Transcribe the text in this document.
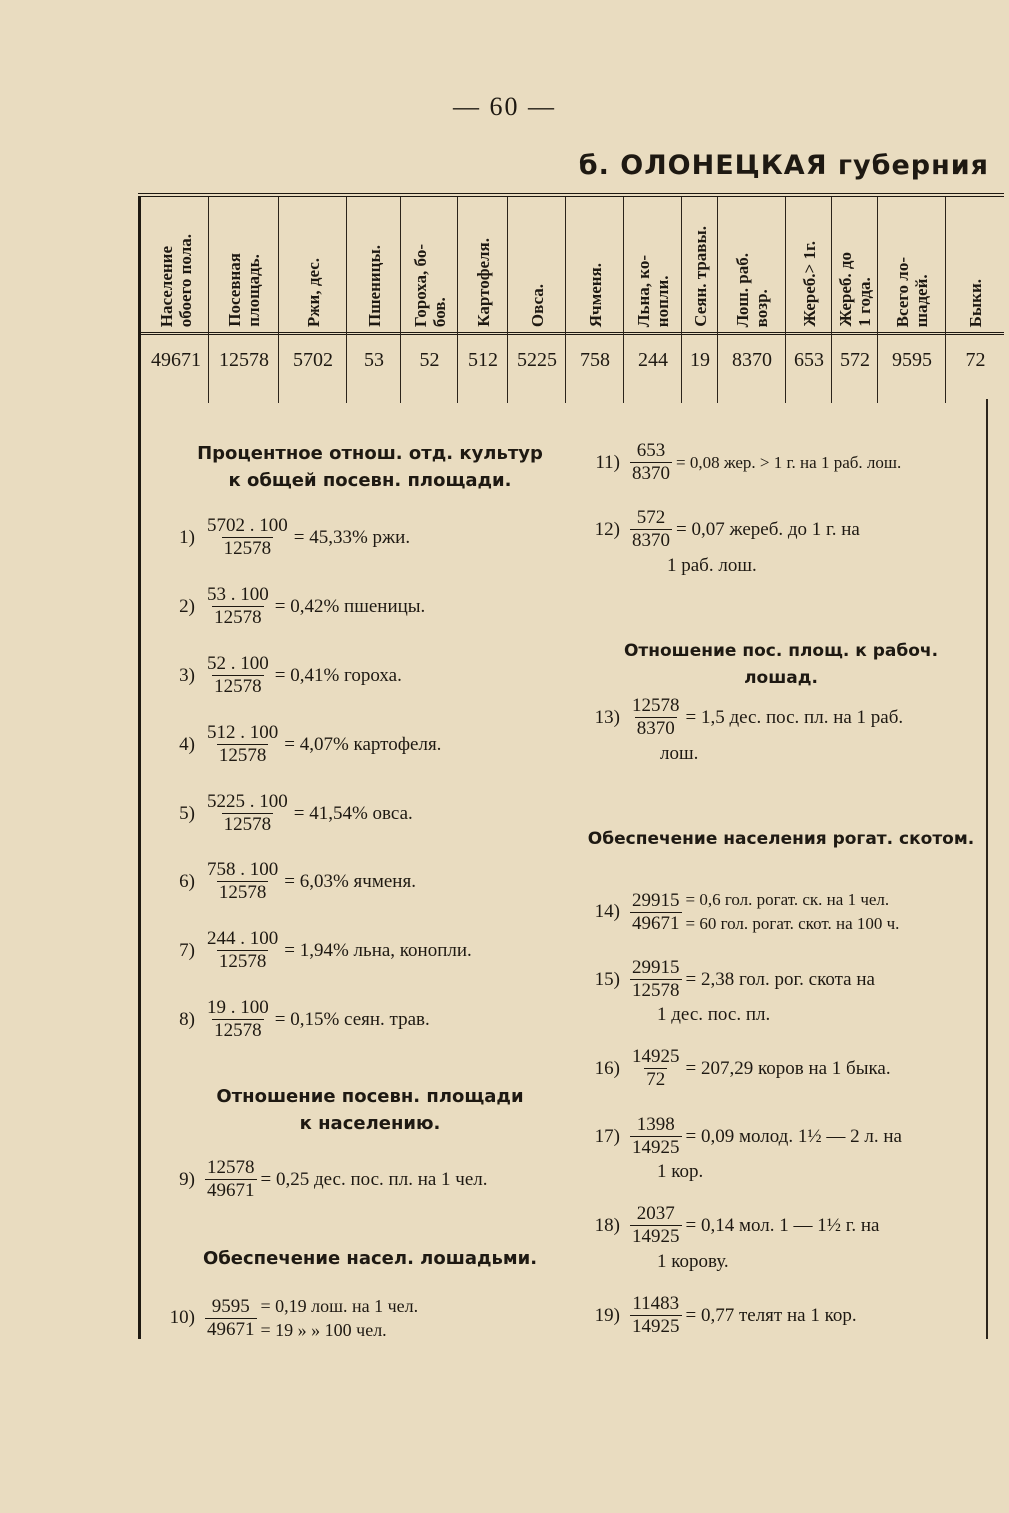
— 60 —
б. ОЛОНЕЦКАЯ губерния
Население
обоего пола.
49671
Посевная
площадь.
12578
Ржи, дес.
5702
Пшеницы.
53
Гороха, бо-
бов.
52
Картофеля.
512
Овса.
5225
Ячменя.
758
Льна, ко-
нопли.
244
Сеян. травы.
19
Лош. раб.
возр.
8370
Жереб.> 1г.
653
Жереб. до
1 года.
572
Всего ло-
шадей.
9595
Быки.
72
Процентное отнош. отд. культур
к общей посевн. площади.
$1) \frac{5702 . 100}{12578} = 45,33\%$ ржи.
$2) \frac{53 . 100}{12578} = 0,42\%$ пшеницы.
$3) \frac{52 . 100}{12578} = 0,41\%$ гороха.
$4) \frac{512 . 100}{12578} = 4,07\%$ картофеля.
$5) \frac{5225 . 100}{12578} = 41,54\%$ овса.
$6) \frac{758 . 100}{12578} = 6,03\%$ ячменя.
$7) \frac{244 . 100}{12578} = 1,94\%$ льна, конопли.
$8) \frac{19 . 100}{12578} = 0,15\%$ сеян. трав.
Отношение посевн. площади
к населению.
$9) \frac{12578}{49671} = 0,25$ дес. пос. пл. на 1 чел.
Обеспечение насел. лошадьми.
$10) \frac{9595}{49671} = 0,19$ лош. на 1 чел.
= 19 » » 100 чел.
$11) \frac{653}{8370} = 0,08$ жер. > 1 г. на 1 раб. лош.
$12) \frac{572}{8370} = 0,07$ жереб. до 1 г. на
1 раб. лош.
Отношение пос. площ. к рабоч. лошад.
$13) \frac{12578}{8370} = 1,5$ дес. пос. пл. на 1 раб.
лош.
Обеспечение населения рогат. скотом.
$14) \frac{29915}{49671} = 0,6$ гол. рогат. ск. на 1 чел.
= 60 гол. рогат. скот. на 100 ч.
$15) \frac{29915}{12578} = 2,38$ гол. рог. скота на
1 дес. пос. пл.
$16) \frac{14925}{72} = 207,29$ коров на 1 быка.
$17) \frac{1398}{14925} = 0,09$ молод. 1½ — 2 л. на
1 кор.
$18) \frac{2037}{14925} = 0,14$ мол. 1 — 1½ г. на
1 корову.
$19) \frac{11483}{14925} = 0,77$ телят на 1 кор.
